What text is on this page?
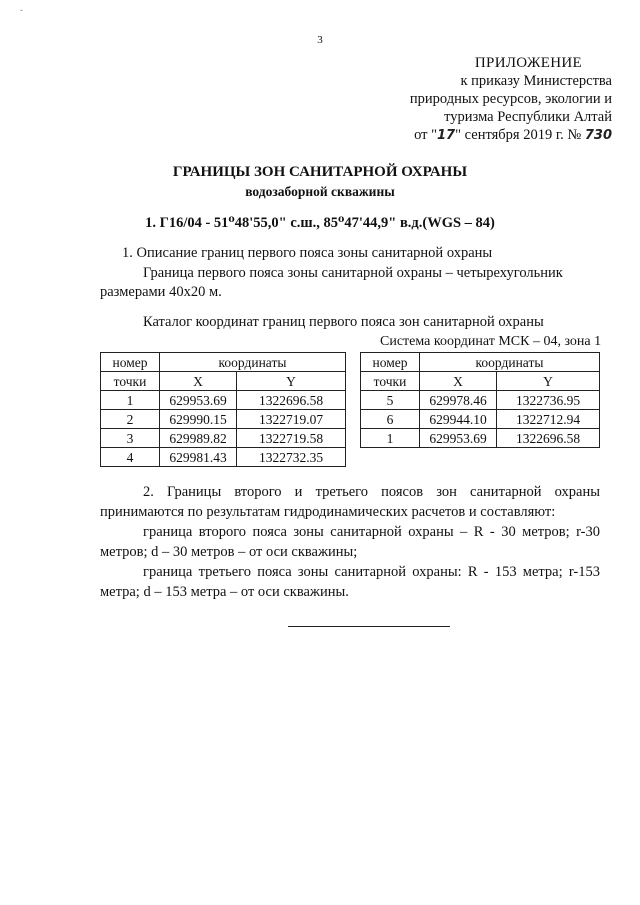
ˇ
3
ПРИЛОЖЕНИЕ
к приказу Министерства
природных ресурсов, экологии и
туризма Республики Алтай
от "17" сентября 2019 г. № 730
ГРАНИЦЫ ЗОН САНИТАРНОЙ ОХРАНЫ
водозаборной скважины
1. Г16/04 - 51⁰48'55,0" с.ш., 85⁰47'44,9" в.д.(WGS – 84)
1. Описание границ первого пояса зоны санитарной охраны
Граница первого пояса зоны санитарной охраны – четырехугольник
размерами 40х20 м.
Каталог координат границ первого пояса зон санитарной охраны
Система координат МСК – 04, зона 1
номер	координаты	
точки	X	Y
1	629953.69	1322696.58
2	629990.15	1322719.07
3	629989.82	1322719.58
4	629981.43	1322732.35
номер	координаты	
точки	X	Y
5	629978.46	1322736.95
6	629944.10	1322712.94
1	629953.69	1322696.58
2. Границы второго и третьего поясов зон санитарной охраны принимаются по результатам гидродинамических расчетов и составляют:
граница второго пояса зоны санитарной охраны – R - 30 метров; r-30 метров; d – 30 метров – от оси скважины;
граница третьего пояса зоны санитарной охраны: R - 153 метра; r-153 метра; d – 153 метра – от оси скважины.
